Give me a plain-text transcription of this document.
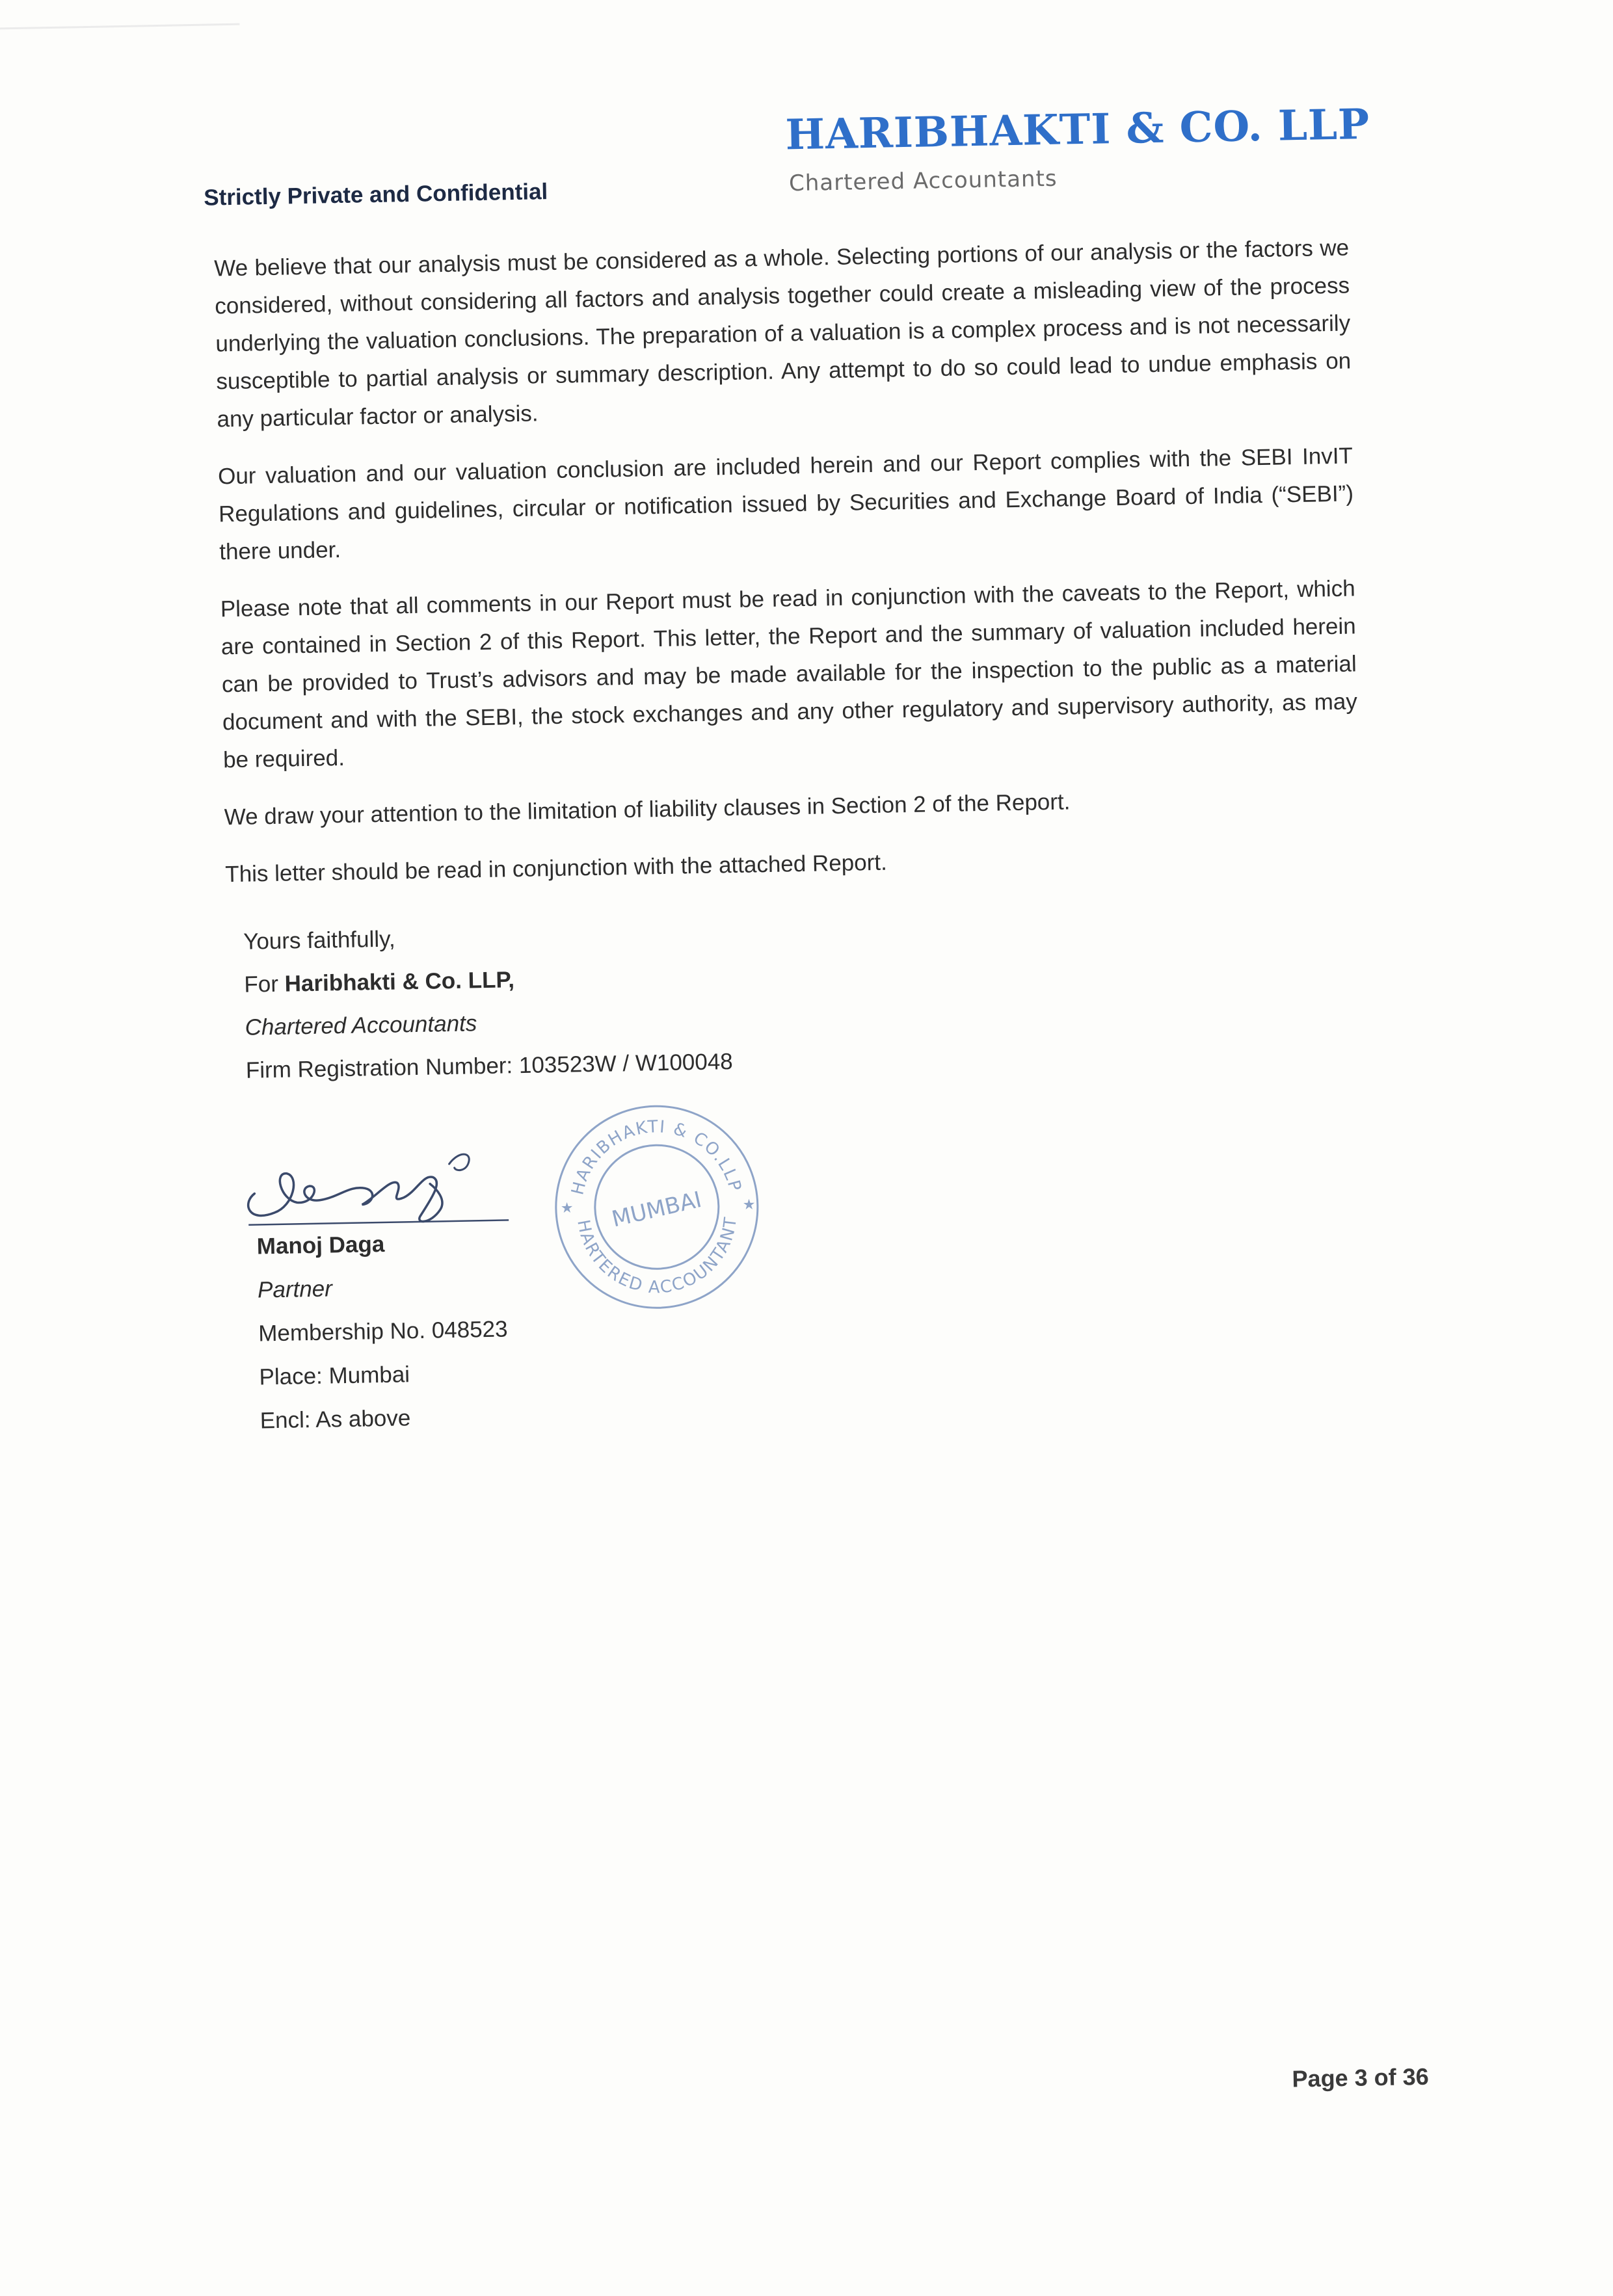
Strictly Private and Confidential
HARIBHAKTI & CO. LLP
Chartered Accountants

We believe that our analysis must be considered as a whole. Selecting portions of our analysis or the factors we considered, without considering all factors and analysis together could create a misleading view of the process underlying the valuation conclusions. The preparation of a valuation is a complex process and is not necessarily susceptible to partial analysis or summary description. Any attempt to do so could lead to undue emphasis on any particular factor or analysis.

Our valuation and our valuation conclusion are included herein and our Report complies with the SEBI InvIT Regulations and guidelines, circular or notification issued by Securities and Exchange Board of India (“SEBI”) there under.

Please note that all comments in our Report must be read in conjunction with the caveats to the Report, which are contained in Section 2 of this Report. This letter, the Report and the summary of valuation included herein can be provided to Trust’s advisors and may be made available for the inspection to the public as a material document and with the SEBI, the stock exchanges and any other regulatory and supervisory authority, as may be required.

We draw your attention to the limitation of liability clauses in Section 2 of the Report.

This letter should be read in conjunction with the attached Report.

Yours faithfully,
For Haribhakti & Co. LLP,
Chartered Accountants
Firm Registration Number: 103523W / W100048
HARIBHAKTI & CO.LLP
CHARTERED ACCOUNTANTS
MUMBAI
★	★
Manoj Daga
Partner
Membership No. 048523
Place: Mumbai
Encl: As above
Page 3 of 36
